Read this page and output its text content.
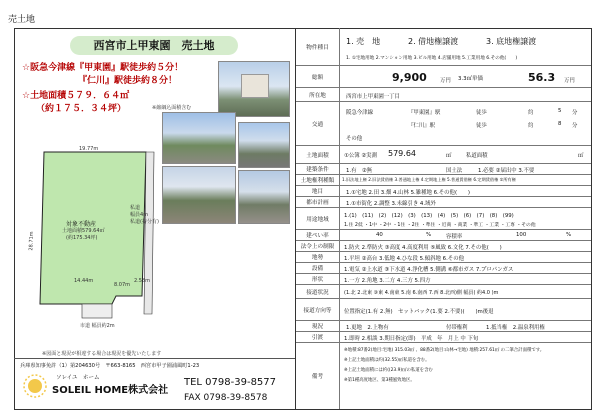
売土地
西宮市上甲東園　売土地
☆阪急今津線『甲東園』駅徒歩約５分！
『仁川』駅徒歩約８分！
☆土地面積５７９．６４㎡
（約１７５．３４坪）	※縮綱込面積含む
19.77m
28.71m
14.44m	2.58m
8.07m
私道
幅員4m
対象不動産
土地面積579.64㎡
(約175.34坪)
私道(持分有)
市道 幅員約2m
※図面と現況が相違する場合は現況を優先いたします
兵庫県知事免許（1）第204630号　〒663-8165　西宮市甲子園浦風町1-23
ソレイユ　ホーム
SOLEIL HOME株式会社
TEL 0798-39-8577
FAX 0798-39-8578
物件種目
1. 売　地	2. 借地権譲渡	3. 底地権譲渡
1. ①宅地用地 2.マンション用地 3.ビル用地 4.店舗用地 5.工業用地 6.その他(　　)
総額	9,900 万円 3.3㎡単価	56.3 万円
所在地	西宮市上甲東園一丁目
交通
阪急今津線	『甲東園』駅	徒歩	約	5 分
『仁川』駅	徒歩	約	8 分
その他
土地面積	①公簿 ②実測 579.64	㎡	私道面積	㎡
建築条件	1.有　②無	国土法	1.必要 ②届出中 3.不要
土地権利種類	1.旧法地上権 2.旧法賃借権 3.普通地上権 4.定期地上権 5.普通賃借権 6.定期賃借権 ①所有権
地目	1.①宅地 2.田 3.畑 4.山林 5.雑種地 6.その他(　　)
都市計画	1.①市街化 2.調整 3.未線引き 4.域外
用途地域
1.(1)　(11)　(2)　(12)　(3)　(13)　(4)　(5)　(6)　(7)　(8)　(99)
1.住 2低 ・1中 ・2中 ・1住 ・2住 ・準住 ・近商 ・商業 ・準工 ・工業 ・工専 ・その他
建ぺい率	40	%	容積率	100	%
法令上の制限	1.防火 2.準防火 ③高度 4.高度利用 ⑤風致 6.文化 7.その他(　　)
地勢	1.平坦 ②高台 3.低地 4.ひな段 5.傾斜地 6.その他
設備	1.電気 ②上水道 ③下水道 4.浄化槽 5.側溝 ⑥都市ガス 7.プロパンガス
形状	1.一方 2.角地 3.二方 4.三方 5.四方
接道状況	(1.北 2.北東 ③東 4.南東 5.南 6.南西 7.西 8.北西)側 幅員( 約4.0 )m
接道方向等	位置指定(1.有 2.無)　セットバック(1.要 2.不要)(　　)m後退
現況	1.更地　2.上物有	付帯権利	1.抵当権　2.温泉利用権
引渡	1.即時 2.相談 3.期日指定(即)　平成　年　月上 中 下旬
備考
※地積:87番2(地目:宅地) 315.03㎡ 、88番2(地目:山林→宅地) 地積:257.61㎡ の二筆合計面積です。
※上記土地面積は約(32.55)㎡私道を含む。
※上記土地面積には約((23.9)㎡の私道を含む
※第1種高度地区、第3種風致地区。
